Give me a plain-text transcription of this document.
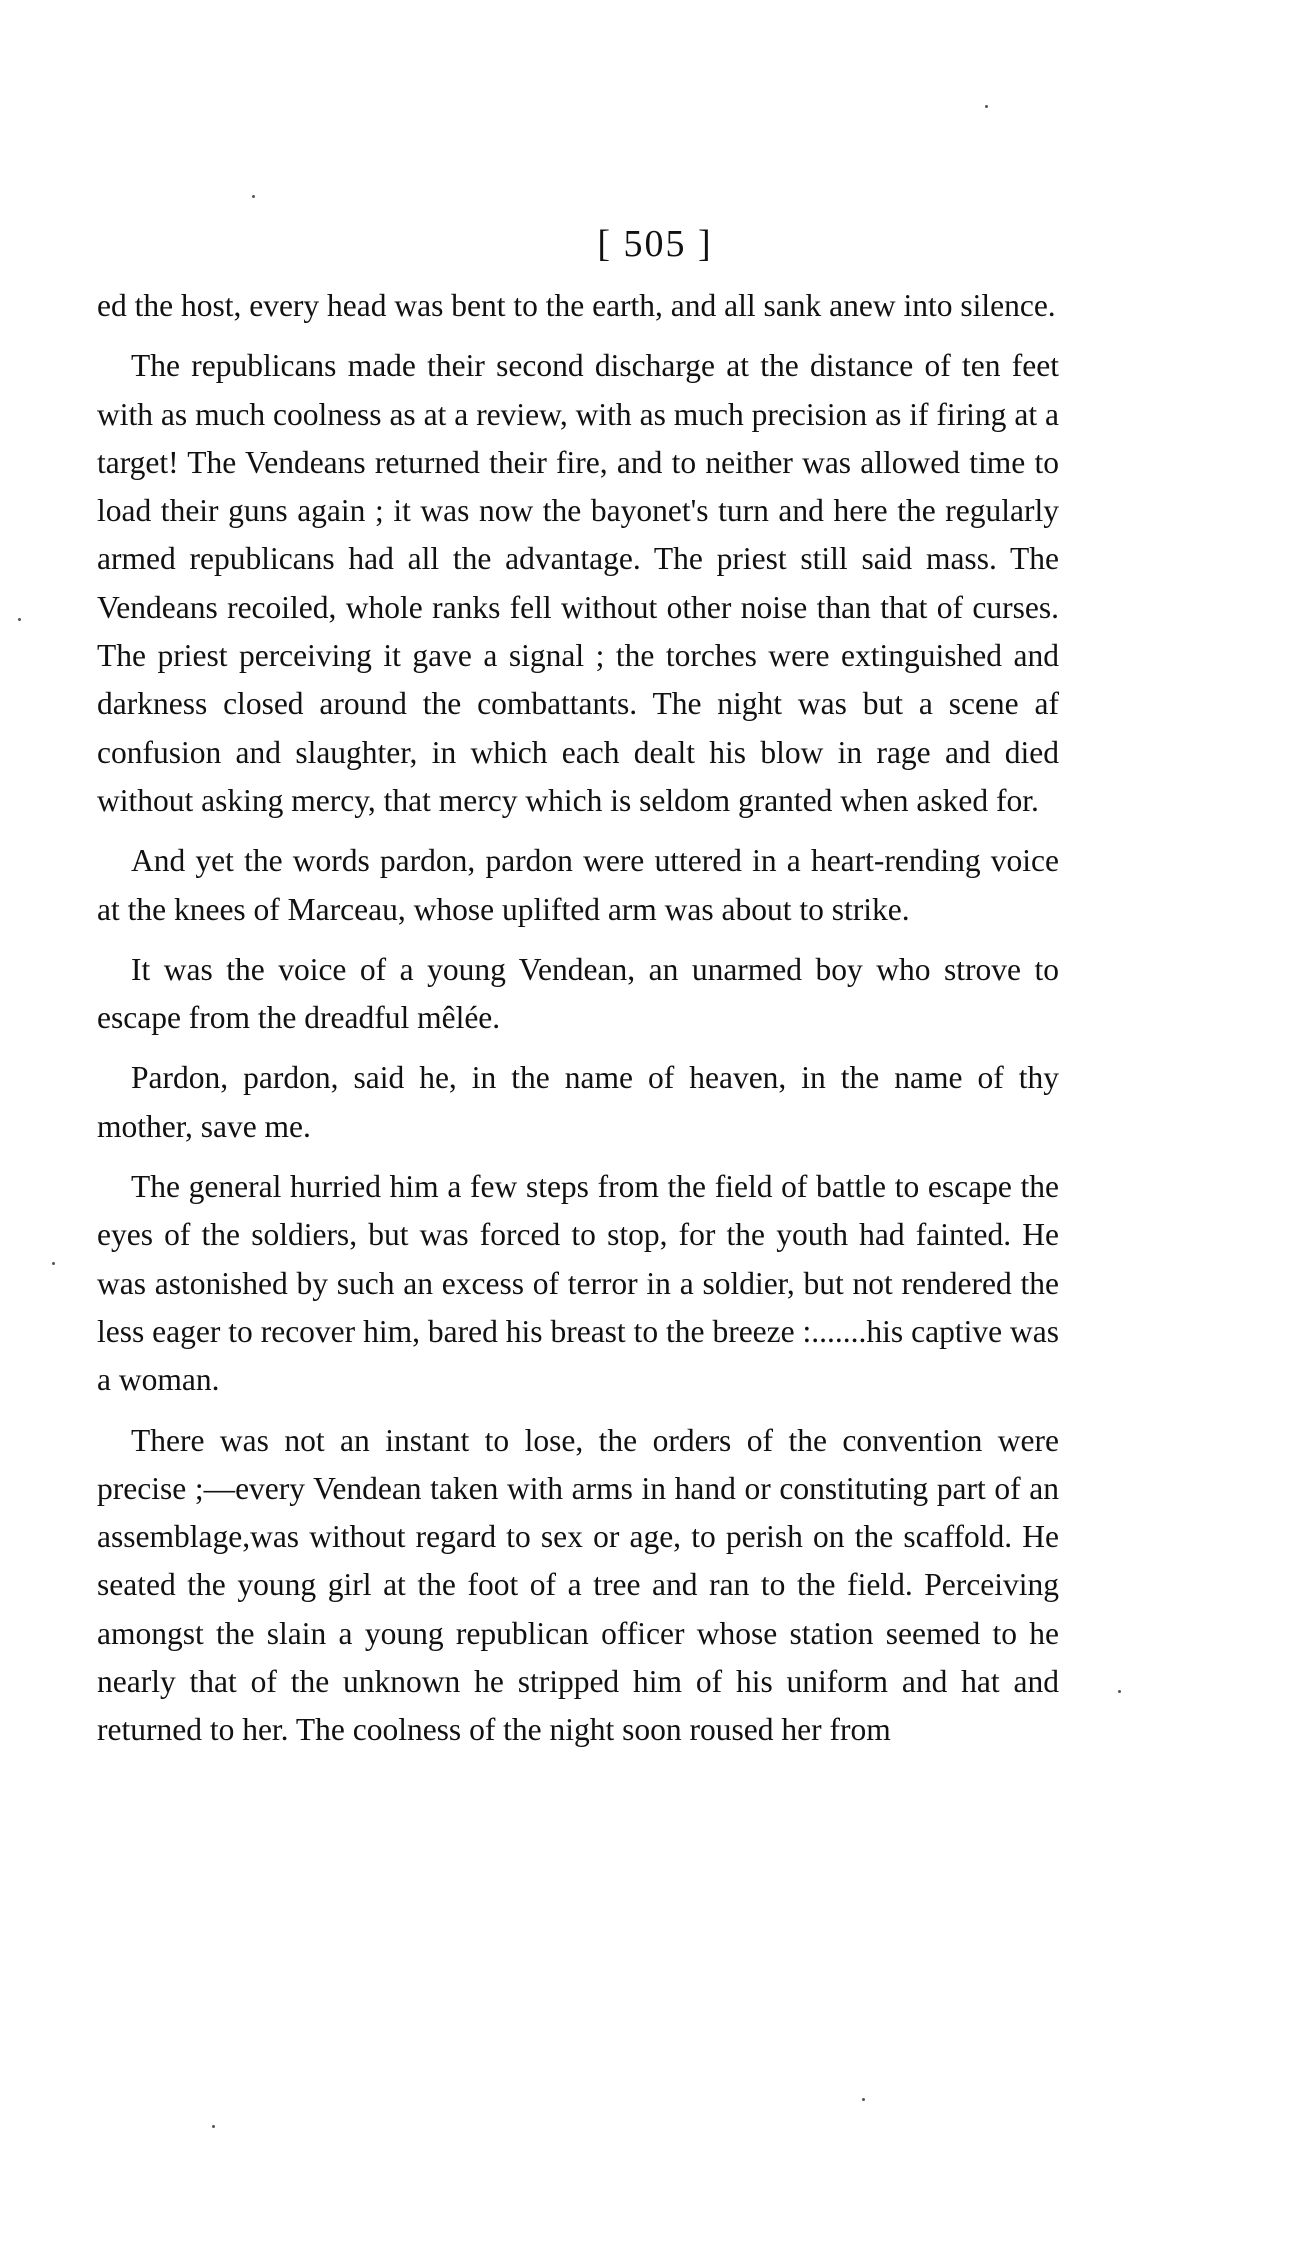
[ 505 ]

ed the host, every head was bent to the earth, and all sank anew into silence.

The republicans made their second discharge at the distance of ten feet with as much coolness as at a review, with as much precision as if firing at a target! The Vendeans returned their fire, and to neither was allowed time to load their guns again ; it was now the bayonet's turn and here the regularly armed republicans had all the advantage. The priest still said mass. The Vendeans recoiled, whole ranks fell without other noise than that of curses. The priest perceiving it gave a signal ; the torches were extinguished and darkness closed around the combattants. The night was but a scene af confusion and slaughter, in which each dealt his blow in rage and died without asking mercy, that mercy which is seldom granted when asked for.

And yet the words pardon, pardon were uttered in a heart-rending voice at the knees of Marceau, whose uplifted arm was about to strike.

It was the voice of a young Vendean, an unarmed boy who strove to escape from the dreadful mêlée.

Pardon, pardon, said he, in the name of heaven, in the name of thy mother, save me.

The general hurried him a few steps from the field of battle to escape the eyes of the soldiers, but was forced to stop, for the youth had fainted. He was astonished by such an excess of terror in a soldier, but not rendered the less eager to recover him, bared his breast to the breeze :.......his captive was a woman.

There was not an instant to lose, the orders of the convention were precise ;—every Vendean taken with arms in hand or constituting part of an assemblage,was without regard to sex or age, to perish on the scaffold. He seated the young girl at the foot of a tree and ran to the field. Perceiving amongst the slain a young republican officer whose station seemed to he nearly that of the unknown he stripped him of his uniform and hat and returned to her. The coolness of the night soon roused her from
